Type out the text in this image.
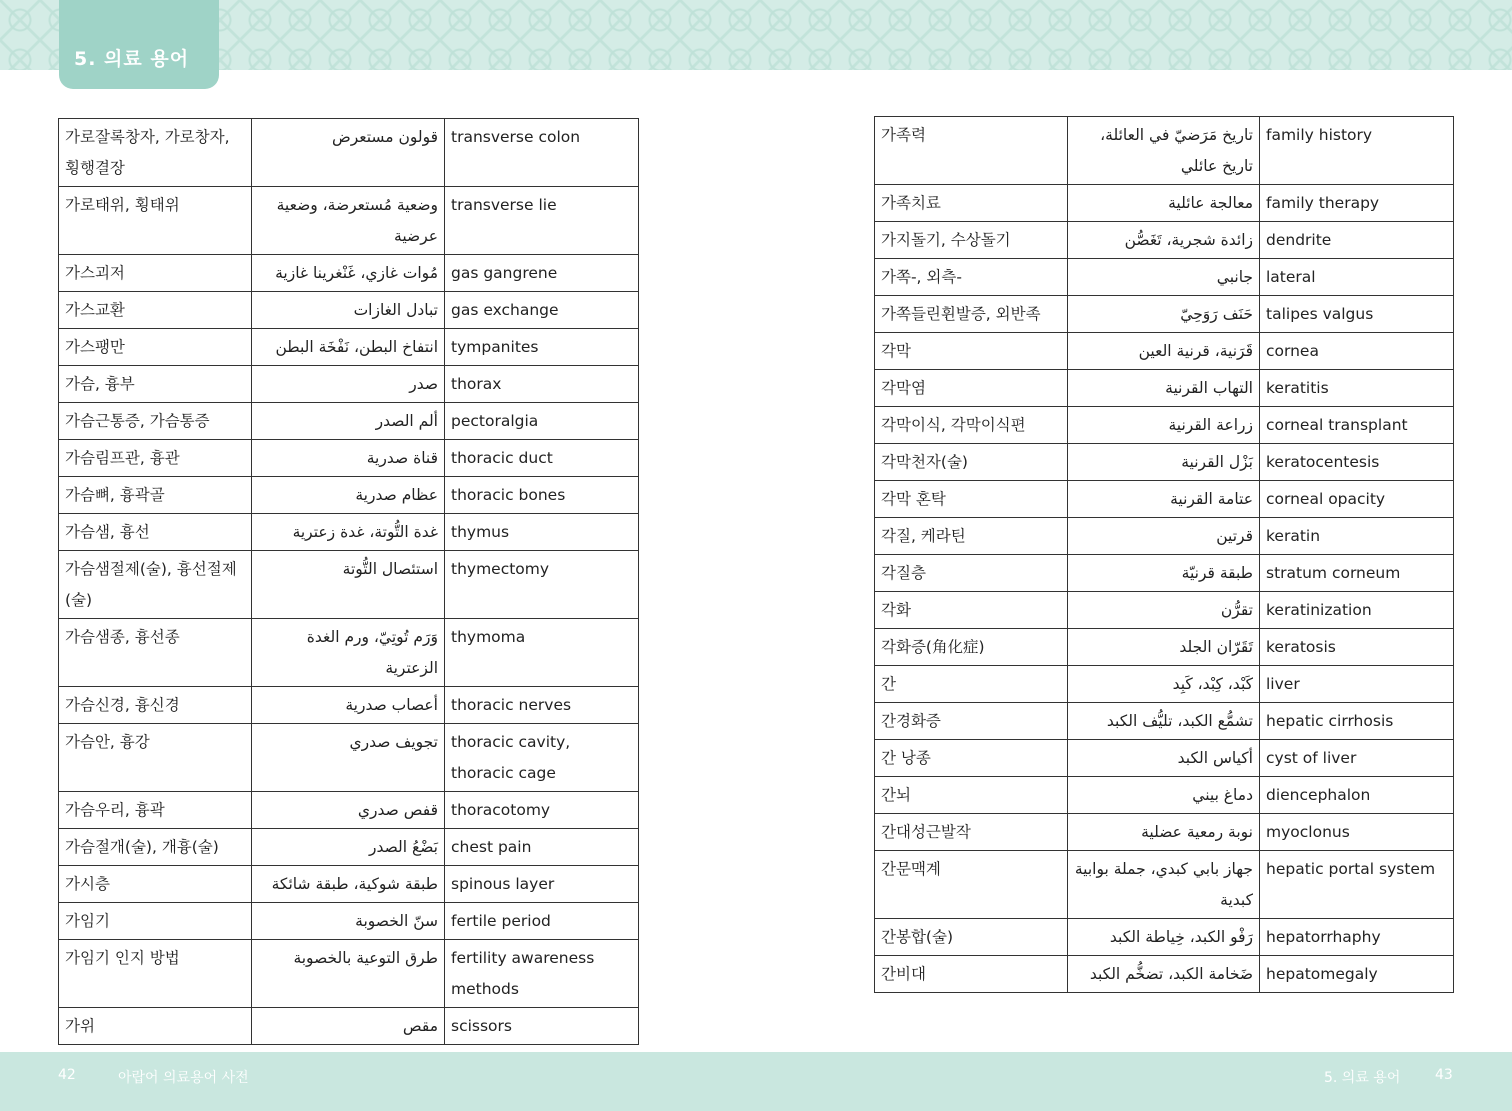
5. 의료 용어
가로잘록창자, 가로창자, 횡행결장	قولون مستعرض	transverse colon
가로태위, 횡태위	وضعية مُستعرضة، وضعية عرضية	transverse lie
가스괴저	مُوات غازي، غَنْغرينا غازية	gas gangrene
가스교환	تبادل الغازات	gas exchange
가스팽만	انتفاخ البطن، نَفْخَة البطن	tympanites
가슴, 흉부	صدر	thorax
가슴근통증, 가슴통증	ألم الصدر	pectoralgia
가슴림프관, 흉관	قناة صدرية	thoracic duct
가슴뼈, 흉곽골	عظام صدرية	thoracic bones
가슴샘, 흉선	غدة التُّوتة، غدة زعترية	thymus
가슴샘절제(술), 흉선절제(술)	استئصال التُّوتة	thymectomy
가슴샘종, 흉선종	وَرَم تُوتِيّ، ورم الغدة الزعترية	thymoma
가슴신경, 흉신경	أعصاب صدرية	thoracic nerves
가슴안, 흉강	تجويف صدري	thoracic cavity, thoracic cage
가슴우리, 흉곽	قفص صدري	thoracotomy
가슴절개(술), 개흉(술)	بَضْعُ الصدر	chest pain
가시층	طبقة شوكية، طبقة شائكة	spinous layer
가임기	سنّ الخصوبة	fertile period
가임기 인지 방법	طرق التوعية بالخصوبة	fertility awareness methods
가위	مقص	scissors
가족력	تاريخ مَرَضيّ في العائلة، تاريخ عائلي	family history
가족치료	معالجة عائلية	family therapy
가지돌기, 수상돌기	زائدة شجرية، تَغَصُّن	dendrite
가쪽-, 외측-	جانبي	lateral
가쪽들린휜발증, 외반족	حَنَف رَوَحِيّ	talipes valgus
각막	قَرَنية، قرنية العين	cornea
각막염	التهاب القرنية	keratitis
각막이식, 각막이식편	زراعة القرنية	corneal transplant
각막천자(술)	بَزْل القرنية	keratocentesis
각막 혼탁	عتامة القرنية	corneal opacity
각질, 케라틴	قرتين	keratin
각질층	طبقة قرنيّة	stratum corneum
각화	تقرُّن	keratinization
각화증(角化症)	تَقَرّان الجلد	keratosis
간	كَبْد، كِبْد، كَبِد	liver
간경화증	تشمُّع الكبد، تليُّف الكبد	hepatic cirrhosis
간 낭종	أكياس الكبد	cyst of liver
간뇌	دماغ بيني	diencephalon
간대성근발작	نوبة رمعية عضلية	myoclonus
간문맥계	جهاز بابي كبدي، جملة بوابية كبدية	hepatic portal system
간봉합(술)	رَفْو الكبد، خِياطة الكبد	hepatorrhaphy
간비대	ضَخامة الكبد، تضخُّم الكبد	hepatomegaly
42	아랍어 의료용어 사전	5. 의료 용어 43
